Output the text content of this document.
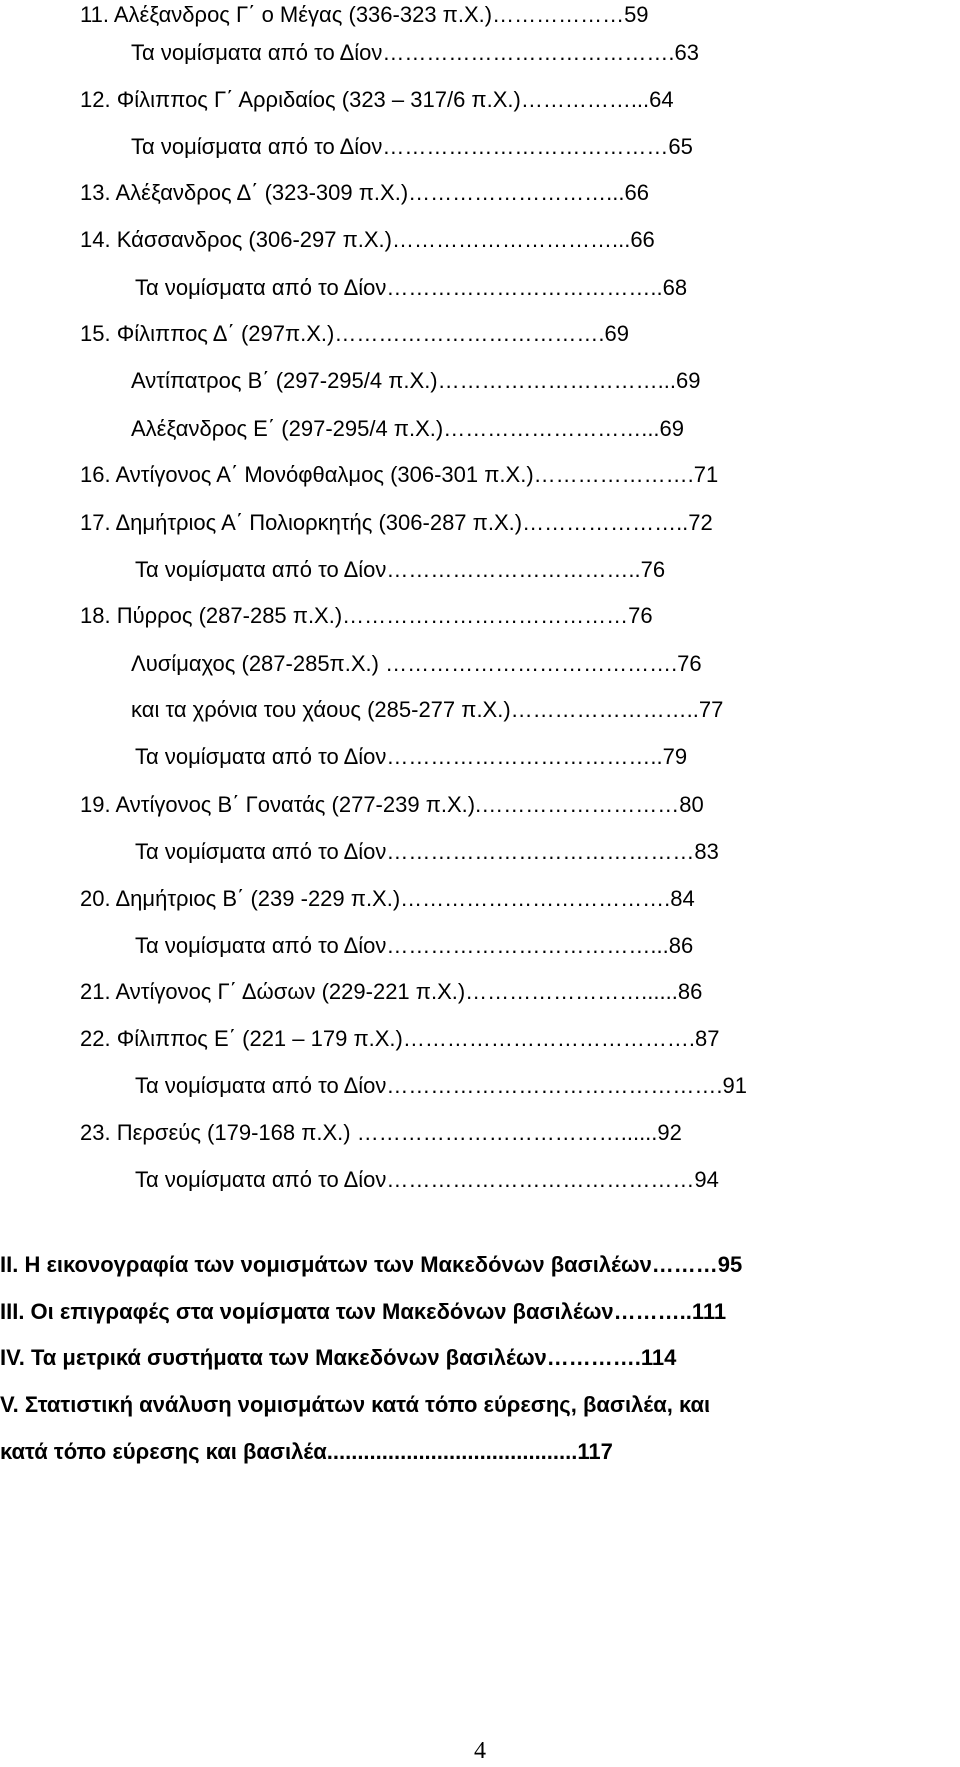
11. Αλέξανδρος Γ΄ ο Μέγας (336-323 π.Χ.)………………59
Τα νομίσματα από το Δίον………………………………….63
12. Φίλιππος Γ΄ Αρριδαίος (323 – 317/6 π.Χ.)……………...64
Τα νομίσματα από το Δίον…………………………………65
13. Αλέξανδρος Δ΄ (323-309 π.Χ.)………………………...66
14. Κάσσανδρος (306-297 π.Χ.)…………………………...66
Τα νομίσματα από το Δίον………………………………..68
15. Φίλιππος Δ΄ (297π.Χ.)……………………………….69
Αντίπατρος Β΄ (297-295/4 π.Χ.)…………………………...69
Αλέξανδρος Ε΄ (297-295/4 π.Χ.)………………………...69
16. Αντίγονος Α΄ Μονόφθαλμος (306-301 π.Χ.)………………….71
17. Δημήτριος Α΄ Πολιορκητής (306-287 π.Χ.)…………………..72
Τα νομίσματα από το Δίον……………………………..76
18. Πύρρος (287-285 π.Χ.)…………………………………76
Λυσίμαχος (287-285π.Χ.) ………………………………….76
και τα χρόνια του χάους (285-277 π.Χ.)……………………..77
Τα νομίσματα από το Δίον………………………………..79
19. Αντίγονος Β΄ Γονατάς (277-239 π.Χ.).………………………80
Τα νομίσματα από το Δίον……………………………………83
20. Δημήτριος Β΄ (239 -229 π.Χ.)……………………………….84
Τα νομίσματα από το Δίον………………………………...86
21. Αντίγονος Γ΄ Δώσων (229-221 π.Χ.)……………………......86
22. Φίλιππος Ε΄ (221 – 179 π.Χ.)………………………………….87
Τα νομίσματα από το Δίον……………………………………….91
23. Περσεύς (179-168 π.Χ.) ………………………………......92
Τα νομίσματα από το Δίον……………………………………94
II. Η εικονογραφία των νομισμάτων των Μακεδόνων βασιλέων………95
III. Οι επιγραφές στα νομίσματα των Μακεδόνων βασιλέων………..111
IV. Τα μετρικά συστήματα των Μακεδόνων βασιλέων………….114
V. Στατιστική ανάλυση νομισμάτων κατά τόπο εύρεσης, βασιλέα, και
κατά τόπο εύρεσης και βασιλέα.........................................117
4
